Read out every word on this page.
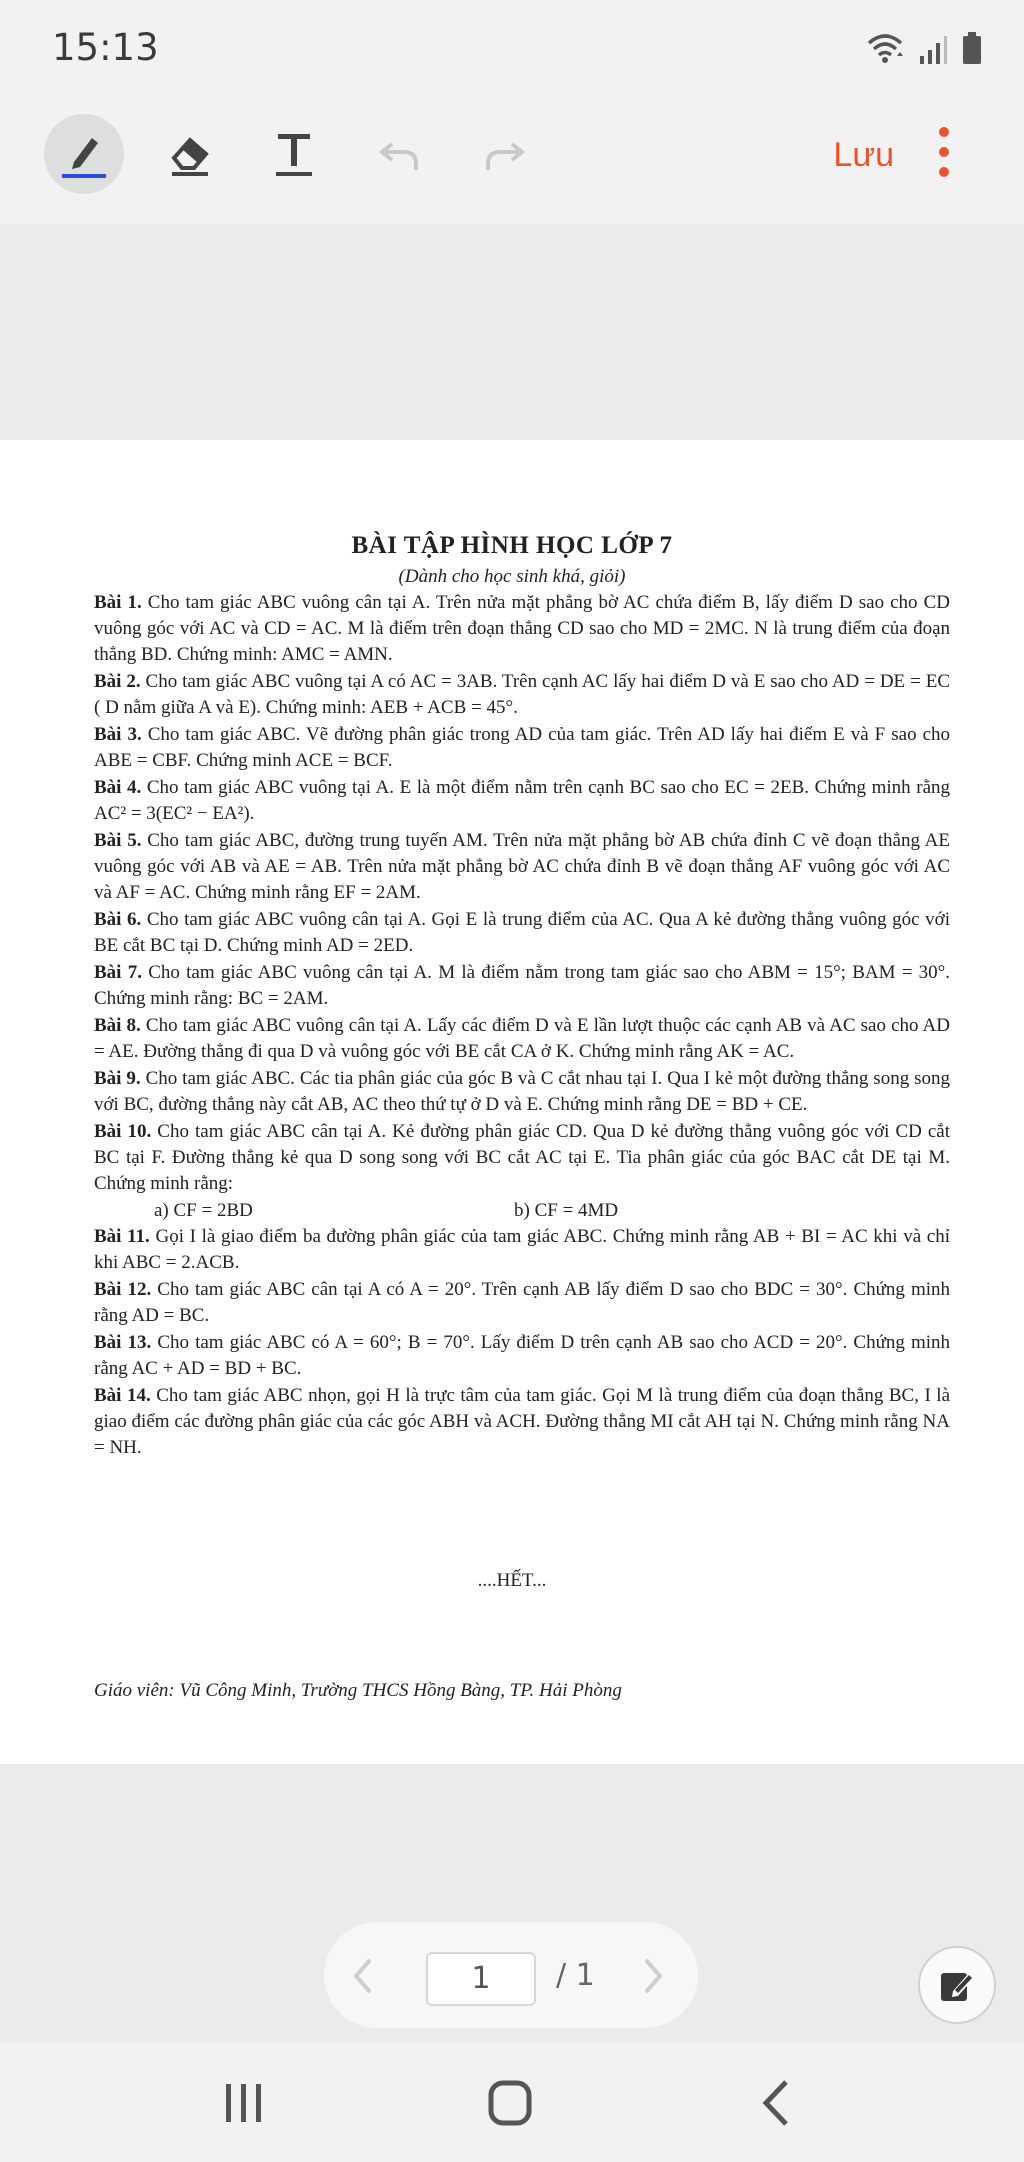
15:13
Lưu
BÀI TẬP HÌNH HỌC LỚP 7
(Dành cho học sinh khá, giỏi)

Bài 1. Cho tam giác ABC vuông cân tại A. Trên nửa mặt phẳng bờ AC chứa điểm B, lấy điểm D sao cho CD vuông góc với AC và CD = AC. M là điểm trên đoạn thẳng CD sao cho MD = 2MC. N là trung điểm của đoạn thẳng BD. Chứng minh: AMC = AMN.

Bài 2. Cho tam giác ABC vuông tại A có AC = 3AB. Trên cạnh AC lấy hai điểm D và E sao cho AD = DE = EC ( D nằm giữa A và E). Chứng minh: AEB + ACB = 45°.

Bài 3. Cho tam giác ABC. Vẽ đường phân giác trong AD của tam giác. Trên AD lấy hai điểm E và F sao cho ABE = CBF. Chứng minh ACE = BCF.

Bài 4. Cho tam giác ABC vuông tại A. E là một điểm nằm trên cạnh BC sao cho EC = 2EB. Chứng minh rằng AC² = 3(EC² − EA²).

Bài 5. Cho tam giác ABC, đường trung tuyến AM. Trên nửa mặt phẳng bờ AB chứa đỉnh C vẽ đoạn thẳng AE vuông góc với AB và AE = AB. Trên nửa mặt phẳng bờ AC chứa đỉnh B vẽ đoạn thẳng AF vuông góc với AC và AF = AC. Chứng minh rằng EF = 2AM.

Bài 6. Cho tam giác ABC vuông cân tại A. Gọi E là trung điểm của AC. Qua A kẻ đường thẳng vuông góc với BE cắt BC tại D. Chứng minh AD = 2ED.

Bài 7. Cho tam giác ABC vuông cân tại A. M là điểm nằm trong tam giác sao cho ABM = 15°; BAM = 30°. Chứng minh rằng: BC = 2AM.

Bài 8. Cho tam giác ABC vuông cân tại A. Lấy các điểm D và E lần lượt thuộc các cạnh AB và AC sao cho AD = AE. Đường thẳng đi qua D và vuông góc với BE cắt CA ở K. Chứng minh rằng AK = AC.

Bài 9. Cho tam giác ABC. Các tia phân giác của góc B và C cắt nhau tại I. Qua I kẻ một đường thẳng song song với BC, đường thẳng này cắt AB, AC theo thứ tự ở D và E. Chứng minh rằng DE = BD + CE.

Bài 10. Cho tam giác ABC cân tại A. Kẻ đường phân giác CD. Qua D kẻ đường thẳng vuông góc với CD cắt BC tại F. Đường thẳng kẻ qua D song song với BC cắt AC tại E. Tia phân giác của góc BAC cắt DE tại M. Chứng minh rằng:

a) CF = 2BD	b) CF = 4MD

Bài 11. Gọi I là giao điểm ba đường phân giác của tam giác ABC. Chứng minh rằng AB + BI = AC khi và chỉ khi ABC = 2.ACB.

Bài 12. Cho tam giác ABC cân tại A có A = 20°. Trên cạnh AB lấy điểm D sao cho BDC = 30°. Chứng minh rằng AD = BC.

Bài 13. Cho tam giác ABC có A = 60°; B = 70°. Lấy điểm D trên cạnh AB sao cho ACD = 20°. Chứng minh rằng AC + AD = BD + BC.

Bài 14. Cho tam giác ABC nhọn, gọi H là trực tâm của tam giác. Gọi M là trung điểm của đoạn thẳng BC, I là giao điểm các đường phân giác của các góc ABH và ACH. Đường thẳng MI cắt AH tại N. Chứng minh rằng NA = NH.

....HẾT...
Giáo viên: Vũ Công Minh, Trường THCS Hồng Bàng, TP. Hải Phòng
1	/ 1
